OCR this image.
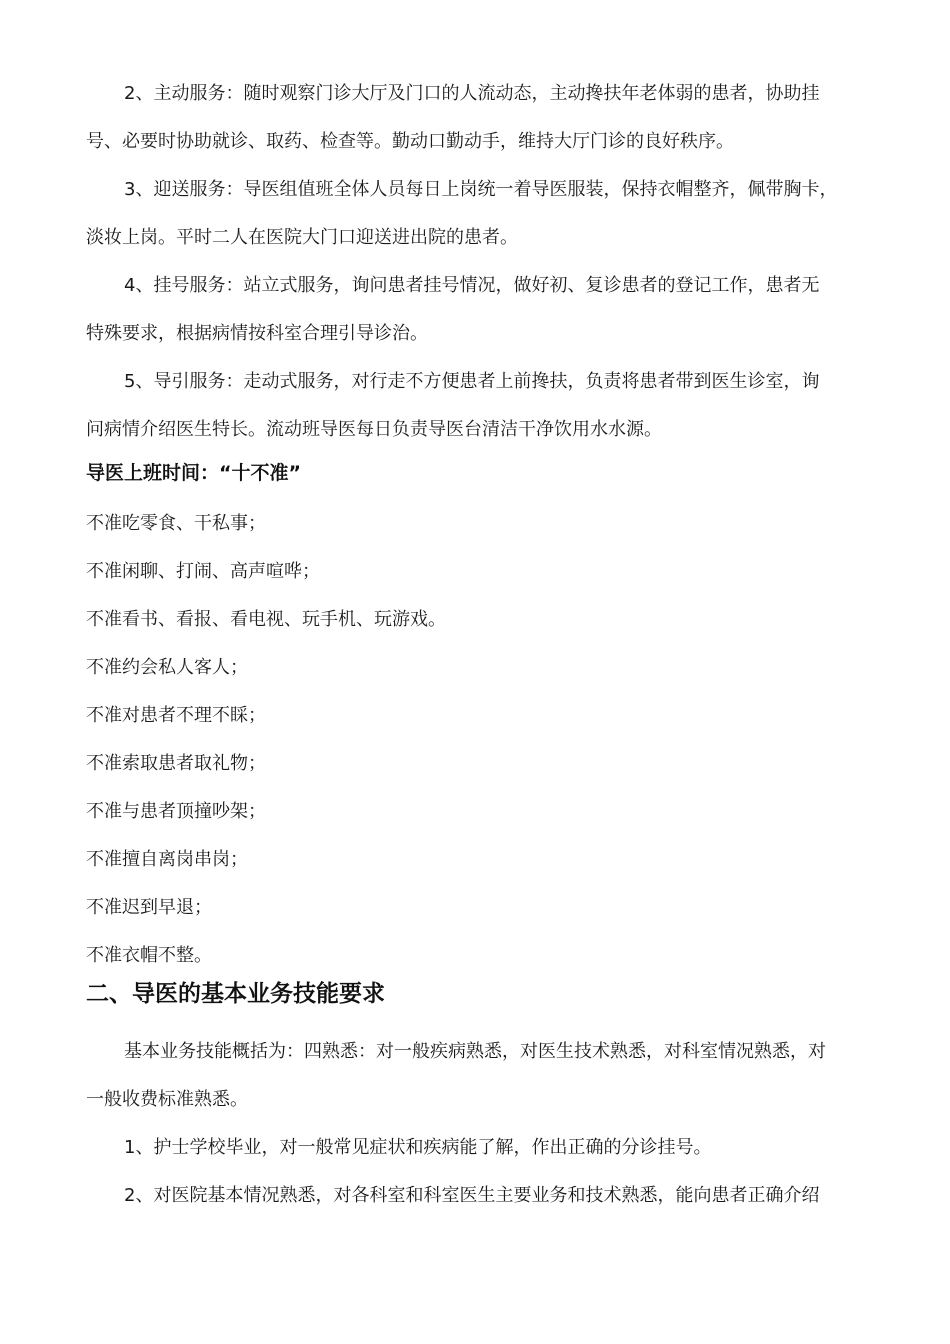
2、主动服务：随时观察门诊大厅及门口的人流动态，主动搀扶年老体弱的患者，协助挂
号、必要时协助就诊、取药、检查等。勤动口勤动手，维持大厅门诊的良好秩序。
3、迎送服务：导医组值班全体人员每日上岗统一着导医服装，保持衣帽整齐，佩带胸卡，
淡妆上岗。平时二人在医院大门口迎送进出院的患者。
4、挂号服务：站立式服务，询问患者挂号情况，做好初、复诊患者的登记工作，患者无
特殊要求，根据病情按科室合理引导诊治。
5、导引服务：走动式服务，对行走不方便患者上前搀扶，负责将患者带到医生诊室，询
问病情介绍医生特长。流动班导医每日负责导医台清洁干净饮用水水源。
导医上班时间：“十不准”
不准吃零食、干私事；
不准闲聊、打闹、高声喧哗；
不准看书、看报、看电视、玩手机、玩游戏。
不准约会私人客人；
不准对患者不理不睬；
不准索取患者取礼物；
不准与患者顶撞吵架；
不准擅自离岗串岗；
不准迟到早退；
不准衣帽不整。
二、导医的基本业务技能要求
基本业务技能概括为：四熟悉：对一般疾病熟悉，对医生技术熟悉，对科室情况熟悉，对
一般收费标准熟悉。
1、护士学校毕业，对一般常见症状和疾病能了解，作出正确的分诊挂号。
2、对医院基本情况熟悉，对各科室和科室医生主要业务和技术熟悉，能向患者正确介绍
